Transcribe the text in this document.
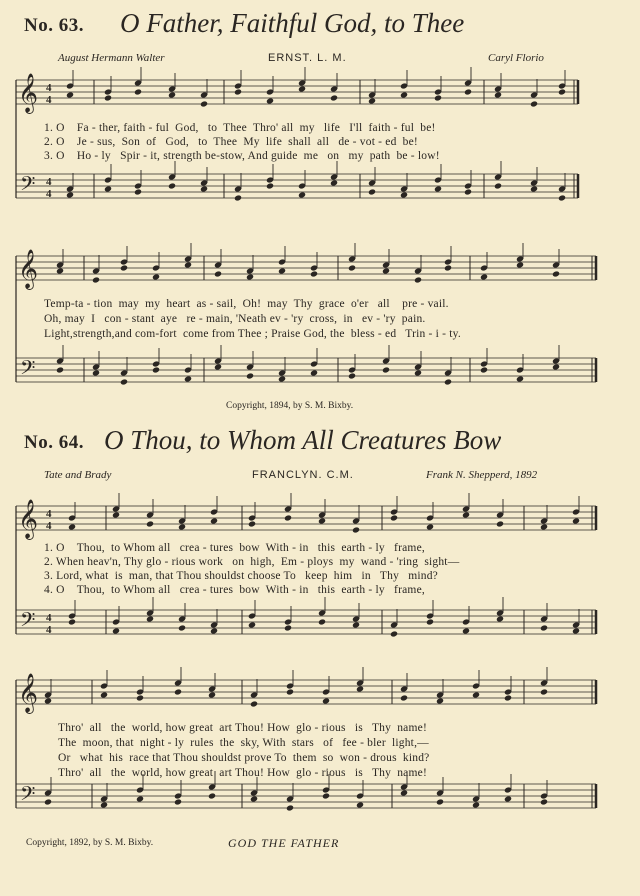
No. 63. O Father, Faithful God, to Thee
August Hermann Walter	ERNST. L. M.	Caryl Florio
𝄞
𝄢
4
4
4
4
1. O    Fa - ther, faith - ful  God,   to  Thee  Thro' all  my   life   I'll  faith - ful  be!
2. O    Je - sus,  Son  of   God,   to  Thee  My  life  shall  all   de - vot - ed  be!
3. O    Ho - ly   Spir - it, strength be-stow, And guide  me   on   my  path  be - low!
𝄞
𝄢
Temp-ta - tion  may  my  heart  as - sail,  Oh!  may  Thy  grace  o'er   all    pre - vail.
Oh, may  I   con - stant  aye   re - main, 'Neath ev - 'ry  cross,  in   ev - 'ry  pain.
Light,strength,and com-fort  come from Thee ; Praise God, the  bless - ed   Trin - i - ty.
Copyright, 1894, by S. M. Bixby.
No. 64. O Thou, to Whom All Creatures Bow
Tate and Brady	FRANCLYN. C.M.	Frank N. Shepperd, 1892
𝄞
𝄢
4
4
4
4
1. O    Thou,  to Whom all   crea - tures  bow  With - in   this  earth - ly   frame,
2. When heav'n, Thy glo - rious work   on  high,  Em - ploys  my  wand - 'ring  sight—
3. Lord, what  is  man, that Thou shouldst choose To   keep  him   in   Thy   mind?
4. O    Thou,  to Whom all   crea - tures  bow  With - in   this  earth - ly   frame,
𝄞
𝄢
Thro'  all   the  world, how great  art Thou! How  glo - rious   is   Thy  name!
The  moon, that  night - ly  rules  the  sky, With  stars   of   fee - bler  light,—
Or   what  his  race that Thou shouldst prove To  them  so  won - drous  kind?
Thro'  all   the  world, how great  art Thou! How  glo - rious   is   Thy  name!
Copyright, 1892, by S. M. Bixby.	GOD THE FATHER
